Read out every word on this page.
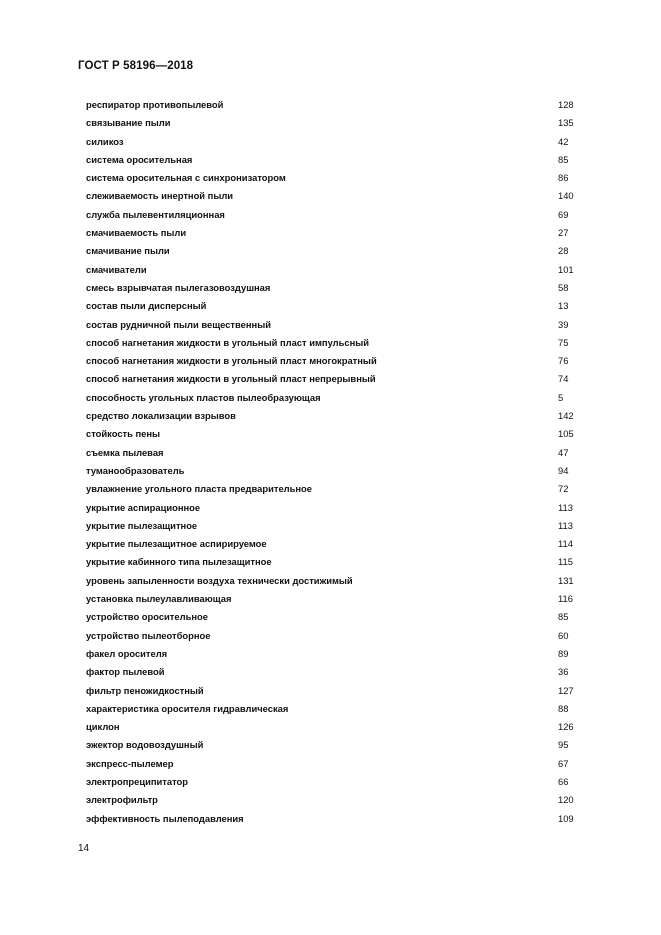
ГОСТ Р 58196—2018
респиратор противопылевой	128
связывание пыли	135
силикоз	42
система оросительная	85
система оросительная с синхронизатором	86
слеживаемость инертной пыли	140
служба пылевентиляционная	69
смачиваемость пыли	27
смачивание пыли	28
смачиватели	101
смесь взрывчатая пылегазовоздушная	58
состав пыли дисперсный	13
состав рудничной пыли вещественный	39
способ нагнетания жидкости в угольный пласт импульсный	75
способ нагнетания жидкости в угольный пласт многократный	76
способ нагнетания жидкости в угольный пласт непрерывный	74
способность угольных пластов пылеобразующая	5
средство локализации взрывов	142
стойкость пены	105
съемка пылевая	47
туманообразователь	94
увлажнение угольного пласта предварительное	72
укрытие аспирационное	113
укрытие пылезащитное	113
укрытие пылезащитное аспирируемое	114
укрытие кабинного типа пылезащитное	115
уровень запыленности воздуха технически достижимый	131
установка пылеулавливающая	116
устройство оросительное	85
устройство пылеотборное	60
факел оросителя	89
фактор пылевой	36
фильтр пеножидкостный	127
характеристика оросителя гидравлическая	88
циклон	126
эжектор водовоздушный	95
экспресс-пылемер	67
электропреципитатор	66
электрофильтр	120
эффективность пылеподавления	109
14
